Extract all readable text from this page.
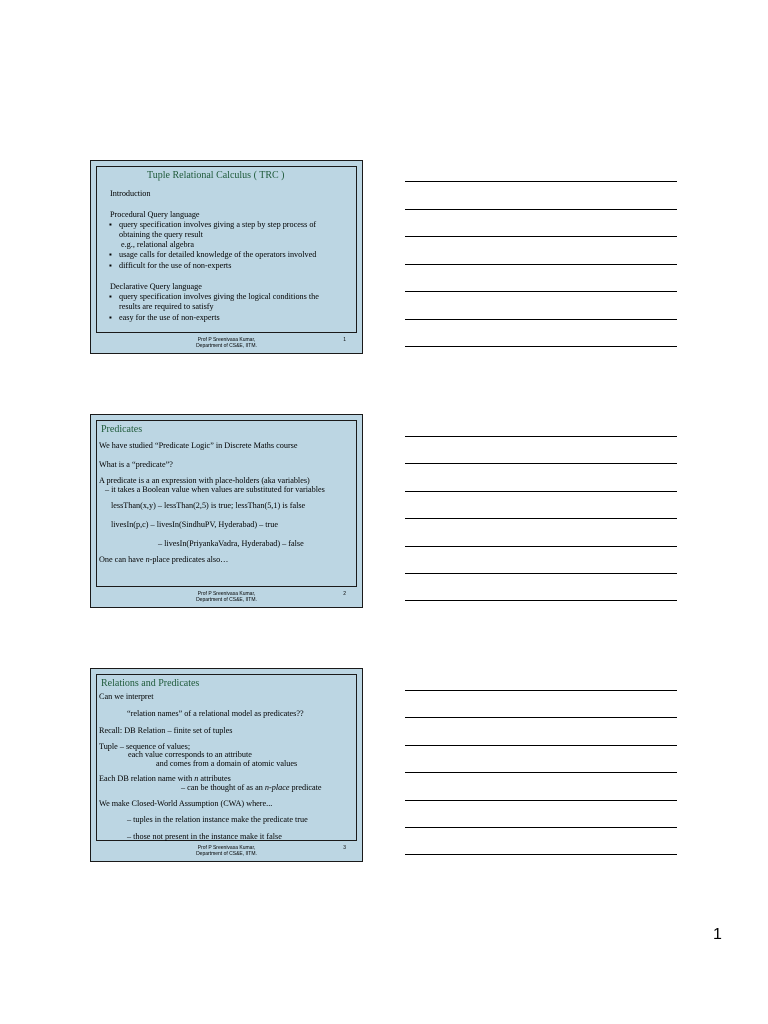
Tuple Relational Calculus ( TRC )
Introduction
Procedural Query language
▪ query specification involves giving a step by step process of
obtaining the query result
e.g., relational algebra
▪ usage calls for detailed knowledge of the operators involved
▪ difficult for the use of non-experts
Declarative Query language
▪ query specification involves giving the logical conditions the
results are required to satisfy
▪ easy for the use of non-experts
Prof P Sreenivasa Kumar,
Department of CS&E, IITM.
1
Predicates
We have studied “Predicate Logic” in Discrete Maths course
What is a “predicate”?
A predicate is a an expression with place-holders (aka variables)
– it takes a Boolean value when values are substituted for variables
lessThan(x,y) – lessThan(2,5) is true; lessThan(5,1) is false
livesIn(p,c) – livesIn(SindhuPV, Hyderabad) – true
– livesIn(PriyankaVadra, Hyderabad) – false
One can have n-place predicates also…
Prof P Sreenivasa Kumar,
Department of CS&E, IITM.
2
Relations and Predicates
Can we interpret
“relation names” of a relational model as predicates??
Recall: DB Relation – finite set of tuples
Tuple – sequence of values;
each value corresponds to an attribute
and comes from a domain of atomic values
Each DB relation name with n attributes
– can be thought of as an n-place predicate
We make Closed-World Assumption (CWA) where...
– tuples in the relation instance make the predicate true
– those not present in the instance make it false
Prof P Sreenivasa Kumar,
Department of CS&E, IITM.
3
1
